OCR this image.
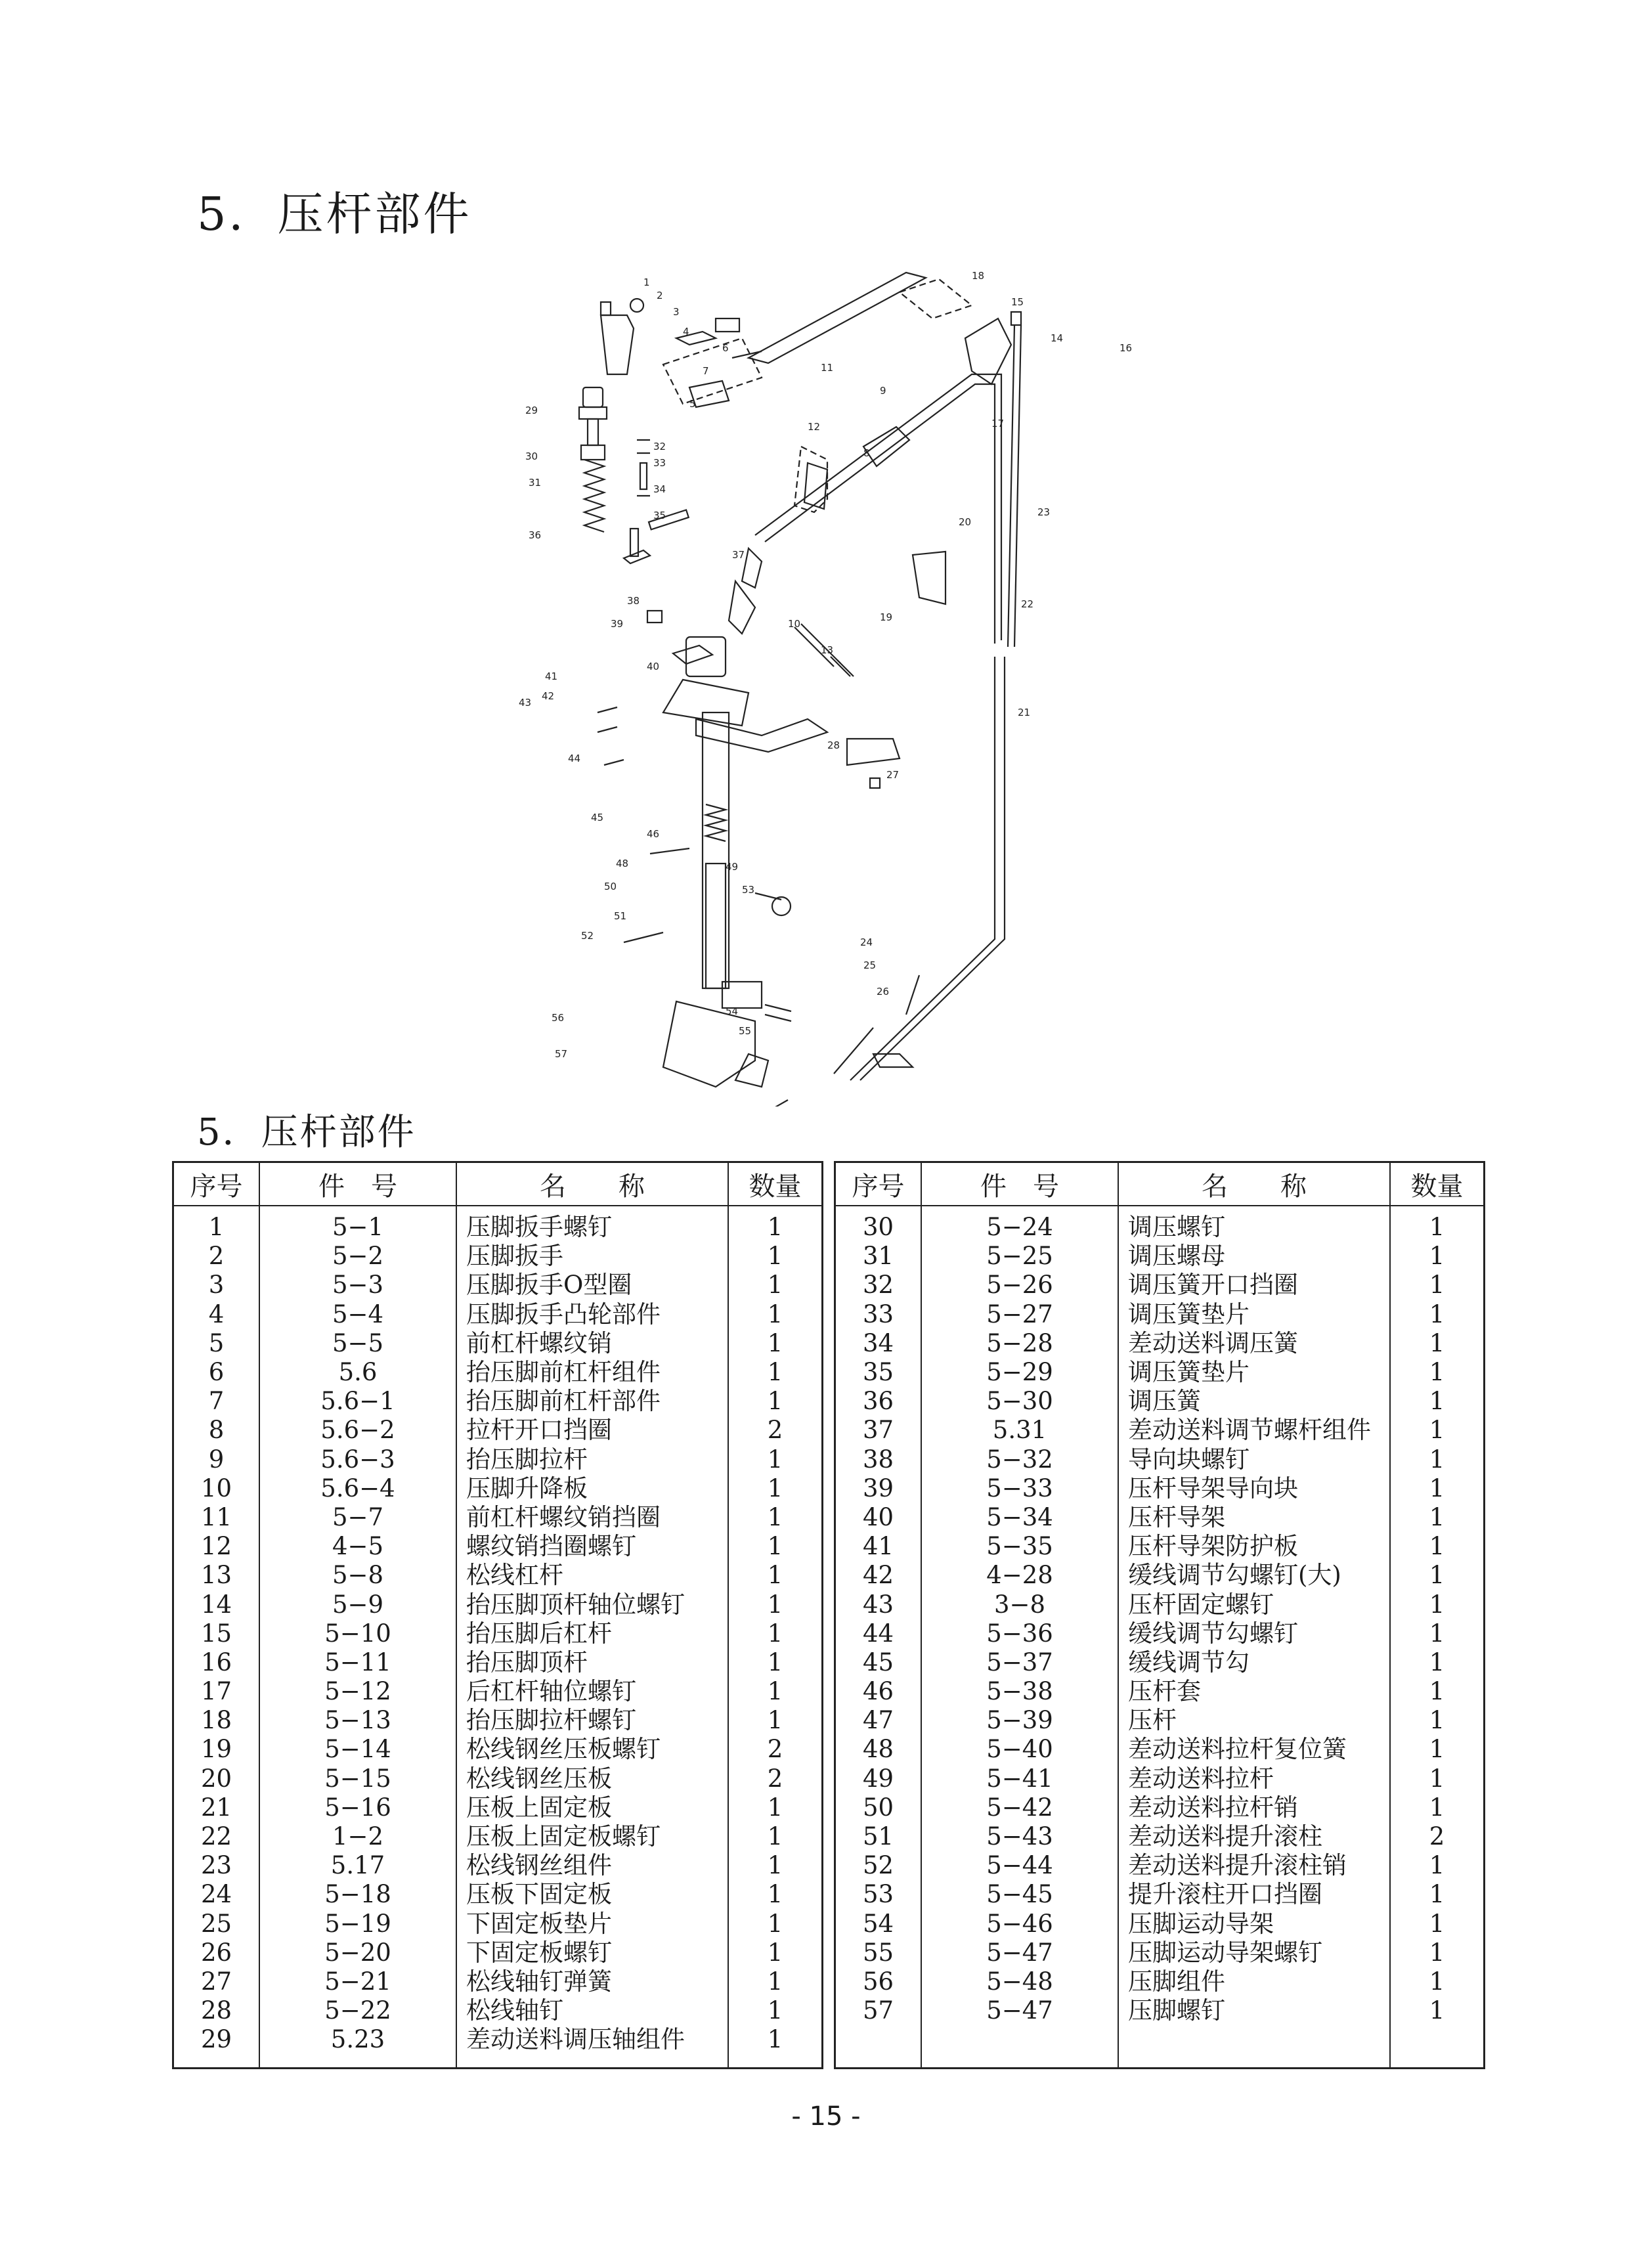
5．压杆部件
1
2
3
4
5
6
7
8
9
10
11
12
13
14
15
16
17
18
19
20
21
22
23
24
25
26
27
28
29
30
31
32
33
34
35
36
37
38
39
40
41
42
43
44
45
46
48	49
50
51
52
53
54
55
56
57
5．压杆部件
序号	件　号	名　　称	数量
1	5−1	压脚扳手螺钉	1
2	5−2	压脚扳手	1
3	5−3	压脚扳手O型圈	1
4	5−4	压脚扳手凸轮部件	1
5	5−5	前杠杆螺纹销	1
6	5.6	抬压脚前杠杆组件	1
7	5.6−1	抬压脚前杠杆部件	1
8	5.6−2	拉杆开口挡圈	2
9	5.6−3	抬压脚拉杆	1
10	5.6−4	压脚升降板	1
11	5−7	前杠杆螺纹销挡圈	1
12	4−5	螺纹销挡圈螺钉	1
13	5−8	松线杠杆	1
14	5−9	抬压脚顶杆轴位螺钉	1
15	5−10	抬压脚后杠杆	1
16	5−11	抬压脚顶杆	1
17	5−12	后杠杆轴位螺钉	1
18	5−13	抬压脚拉杆螺钉	1
19	5−14	松线钢丝压板螺钉	2
20	5−15	松线钢丝压板	2
21	5−16	压板上固定板	1
22	1−2	压板上固定板螺钉	1
23	5.17	松线钢丝组件	1
24	5−18	压板下固定板	1
25	5−19	下固定板垫片	1
26	5−20	下固定板螺钉	1
27	5−21	松线轴钉弹簧	1
28	5−22	松线轴钉	1
29	5.23	差动送料调压轴组件	1
序号	件　号	名　　称	数量
30	5−24	调压螺钉	1
31	5−25	调压螺母	1
32	5−26	调压簧开口挡圈	1
33	5−27	调压簧垫片	1
34	5−28	差动送料调压簧	1
35	5−29	调压簧垫片	1
36	5−30	调压簧	1
37	5.31	差动送料调节螺杆组件	1
38	5−32	导向块螺钉	1
39	5−33	压杆导架导向块	1
40	5−34	压杆导架	1
41	5−35	压杆导架防护板	1
42	4−28	缓线调节勾螺钉(大)	1
43	3−8	压杆固定螺钉	1
44	5−36	缓线调节勾螺钉	1
45	5−37	缓线调节勾	1
46	5−38	压杆套	1
47	5−39	压杆	1
48	5−40	差动送料拉杆复位簧	1
49	5−41	差动送料拉杆	1
50	5−42	差动送料拉杆销	1
51	5−43	差动送料提升滚柱	2
52	5−44	差动送料提升滚柱销	1
53	5−45	提升滚柱开口挡圈	1
54	5−46	压脚运动导架	1
55	5−47	压脚运动导架螺钉	1
56	5−48	压脚组件	1
57	5−47	压脚螺钉	1

- 15 -
